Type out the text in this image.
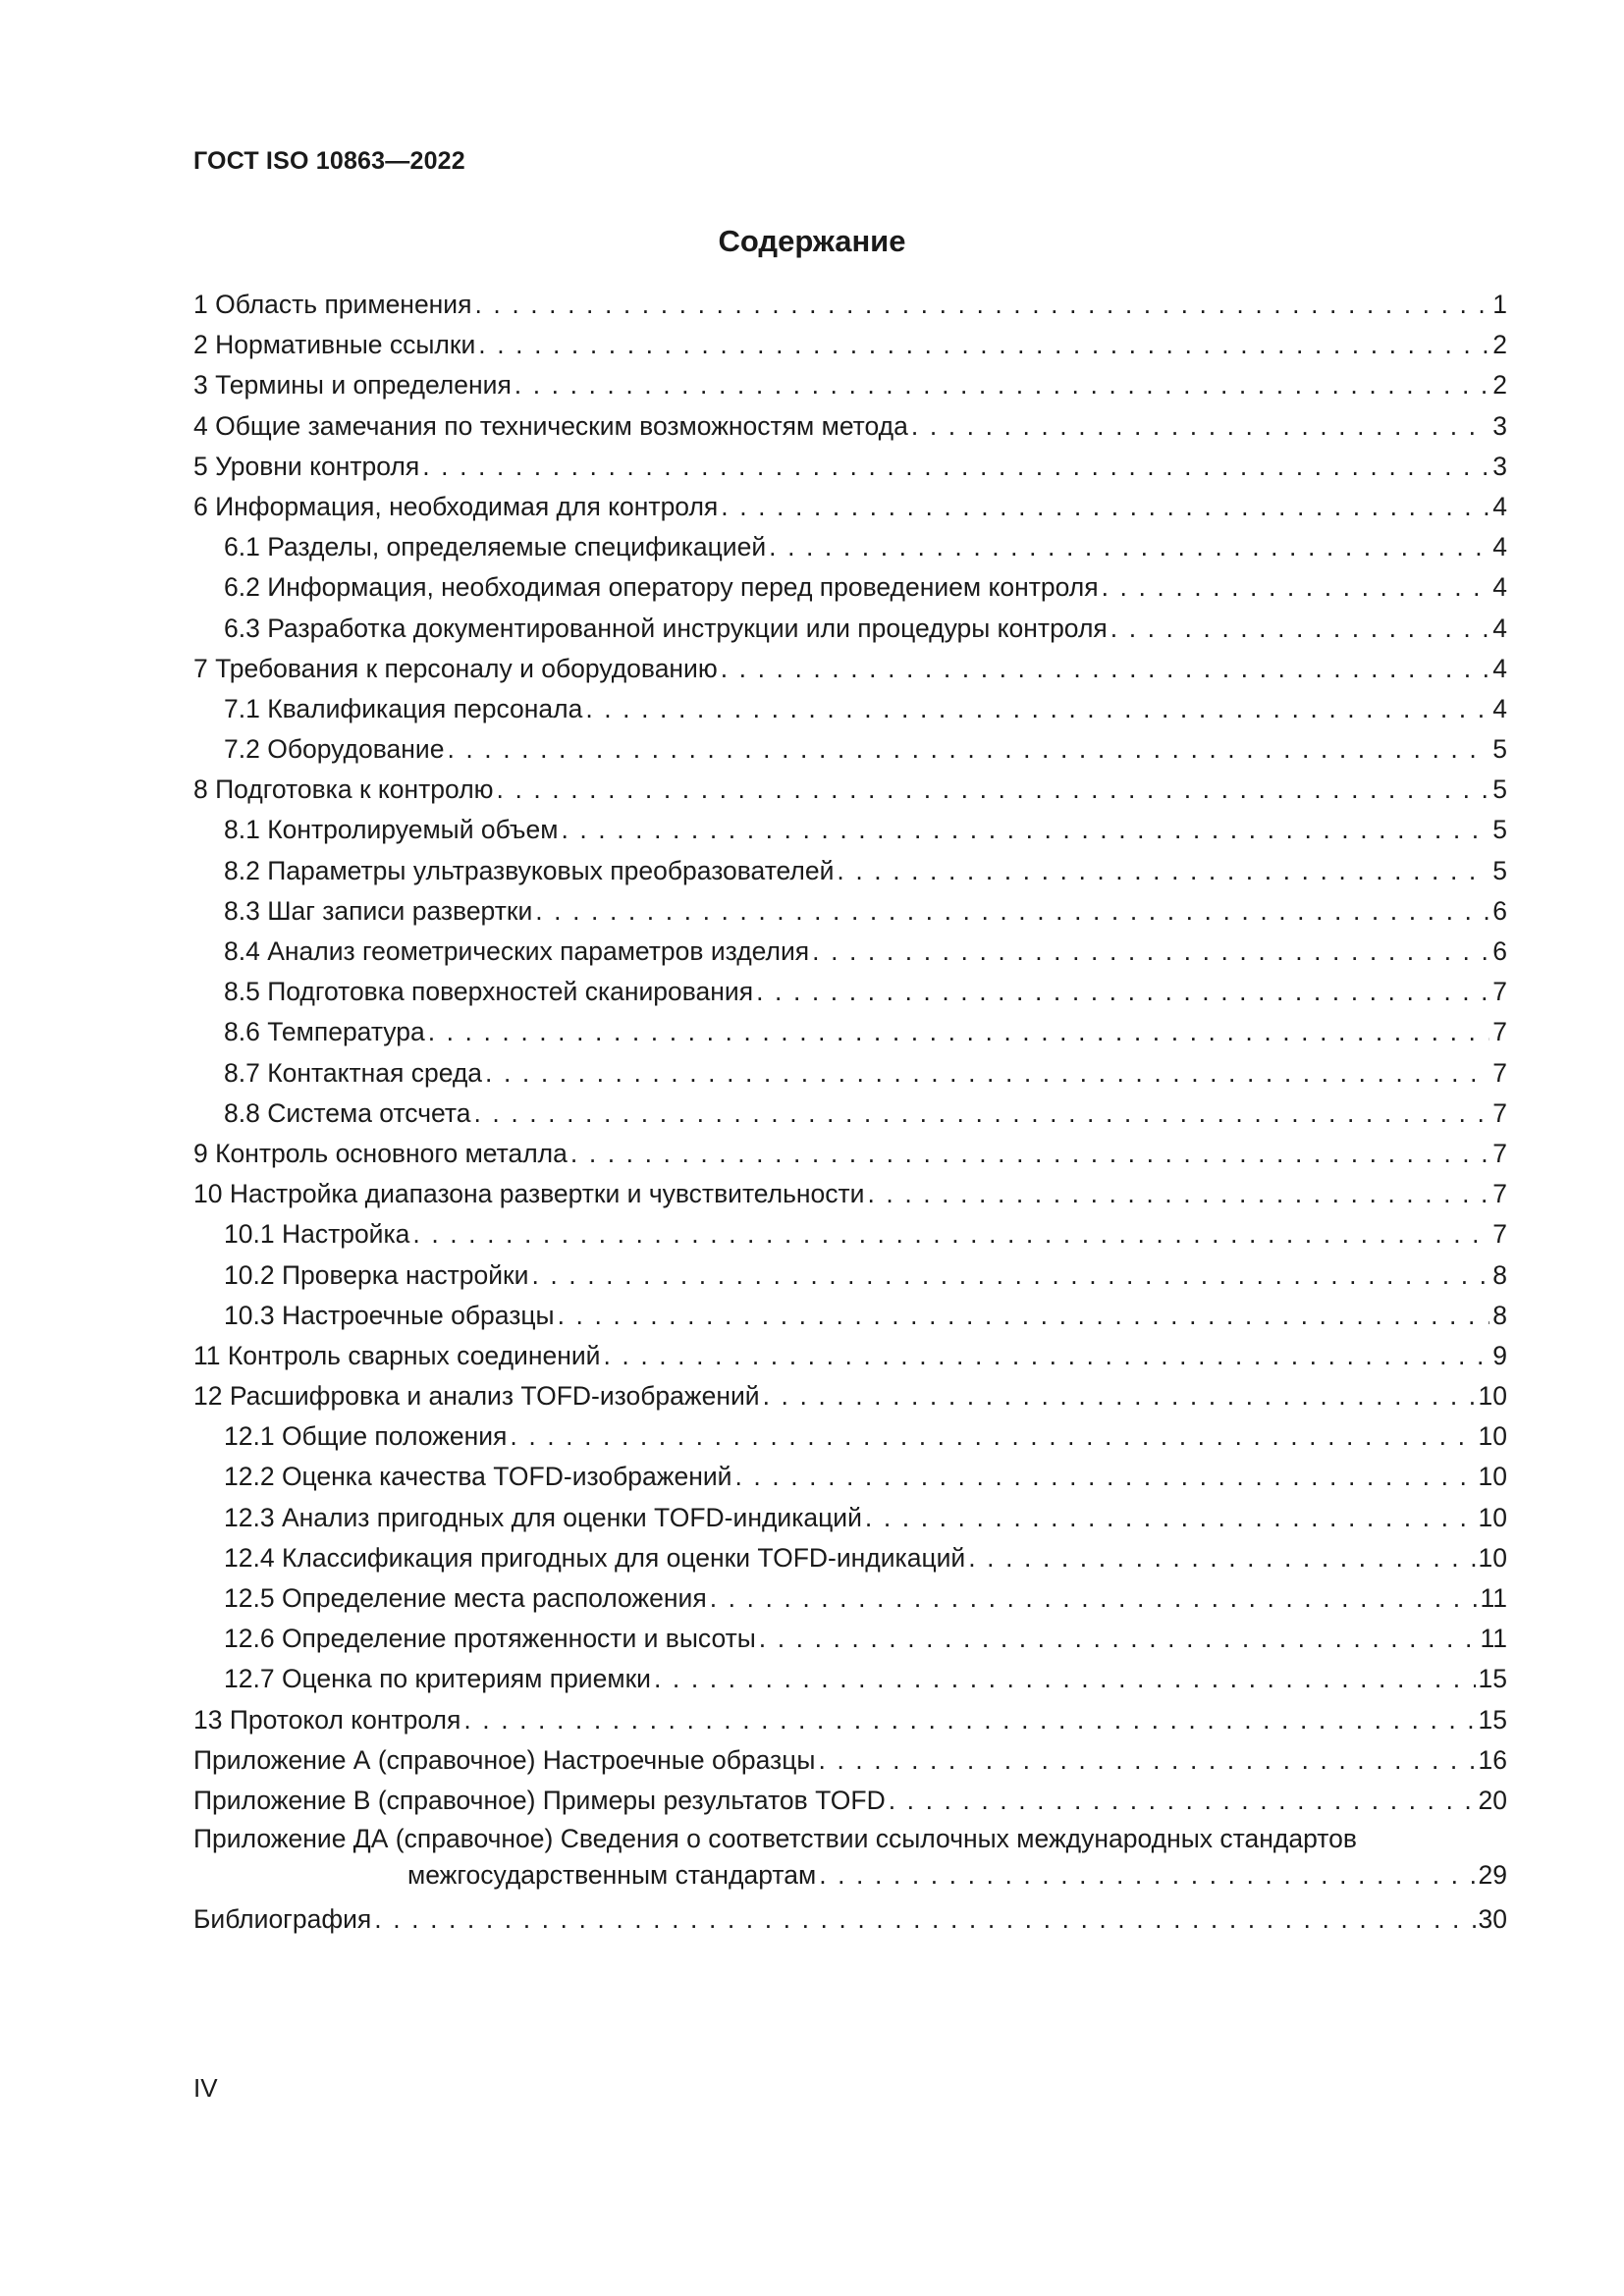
ГОСТ ISO 10863—2022
Содержание
1 Область применения . . .	1
2 Нормативные ссылки . . .	2
3 Термины и определения . . .	2
4 Общие замечания по техническим возможностям метода . . .	3
5 Уровни контроля . . .	3
6 Информация, необходимая для контроля . . .	4
6.1 Разделы, определяемые спецификацией . . .	4
6.2 Информация, необходимая оператору перед проведением контроля . . .	4
6.3 Разработка документированной инструкции или процедуры контроля . . .	4
7 Требования к персоналу и оборудованию . . .	4
7.1 Квалификация персонала . . .	4
7.2 Оборудование . . .	5
8 Подготовка к контролю . . .	5
8.1 Контролируемый объем . . .	5
8.2 Параметры ультразвуковых преобразователей . . .	5
8.3 Шаг записи развертки . . .	6
8.4 Анализ геометрических параметров изделия . . .	6
8.5 Подготовка поверхностей сканирования . . .	7
8.6 Температура . . .	7
8.7 Контактная среда . . .	7
8.8 Система отсчета . . .	7
9 Контроль основного металла . . .	7
10 Настройка диапазона развертки и чувствительности . . .	7
10.1 Настройка . . .	7
10.2 Проверка настройки . . .	8
10.3 Настроечные образцы . . .	8
11 Контроль сварных соединений . . .	9
12 Расшифровка и анализ TOFD-изображений . . .	10
12.1 Общие положения . . .	10
12.2 Оценка качества TOFD-изображений . . .	10
12.3 Анализ пригодных для оценки TOFD-индикаций . . .	10
12.4 Классификация пригодных для оценки TOFD-индикаций . . .	10
12.5 Определение места расположения . . .	11
12.6 Определение протяженности и высоты . . .	11
12.7 Оценка по критериям приемки . . .	15
13 Протокол контроля . . .	15
Приложение А (справочное) Настроечные образцы . . .	16
Приложение В (справочное) Примеры результатов TOFD . . .	20
Приложение ДА (справочное) Сведения о соответствии ссылочных международных стандартов
межгосударственным стандартам . . .	29
Библиография . . .	30
IV
